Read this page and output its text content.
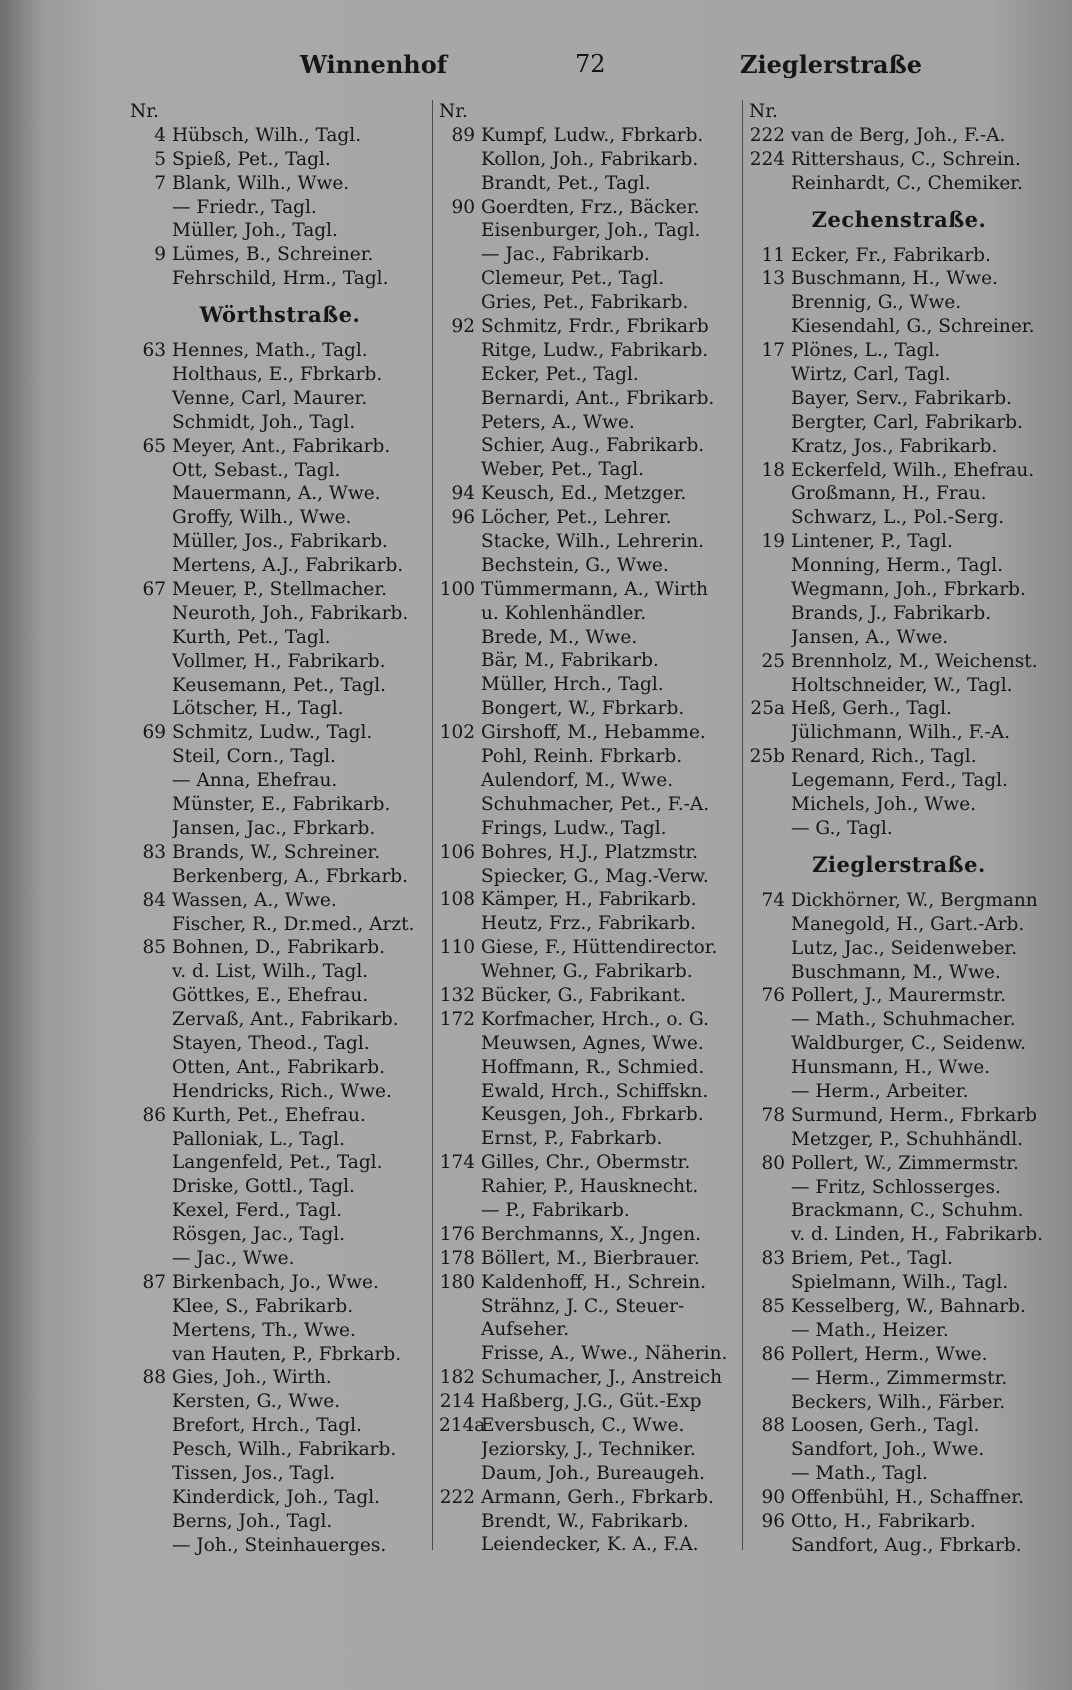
Winnenhof	72	Zieglerstraße
Nr.
4 Hübsch, Wilh., Tagl.
5 Spieß, Pet., Tagl.
7 Blank, Wilh., Wwe.
— Friedr., Tagl.
Müller, Joh., Tagl.
9 Lümes, B., Schreiner.
Fehrschild, Hrm., Tagl.
Wörthstraße.
63 Hennes, Math., Tagl.
Holthaus, E., Fbrkarb.
Venne, Carl, Maurer.
Schmidt, Joh., Tagl.
65 Meyer, Ant., Fabrikarb.
Ott, Sebast., Tagl.
Mauermann, A., Wwe.
Groffy, Wilh., Wwe.
Müller, Jos., Fabrikarb.
Mertens, A.J., Fabrikarb.
67 Meuer, P., Stellmacher.
Neuroth, Joh., Fabrikarb.
Kurth, Pet., Tagl.
Vollmer, H., Fabrikarb.
Keusemann, Pet., Tagl.
Lötscher, H., Tagl.
69 Schmitz, Ludw., Tagl.
Steil, Corn., Tagl.
— Anna, Ehefrau.
Münster, E., Fabrikarb.
Jansen, Jac., Fbrkarb.
83 Brands, W., Schreiner.
Berkenberg, A., Fbrkarb.
84 Wassen, A., Wwe.
Fischer, R., Dr.med., Arzt.
85 Bohnen, D., Fabrikarb.
v. d. List, Wilh., Tagl.
Göttkes, E., Ehefrau.
Zervaß, Ant., Fabrikarb.
Stayen, Theod., Tagl.
Otten, Ant., Fabrikarb.
Hendricks, Rich., Wwe.
86 Kurth, Pet., Ehefrau.
Palloniak, L., Tagl.
Langenfeld, Pet., Tagl.
Driske, Gottl., Tagl.
Kexel, Ferd., Tagl.
Rösgen, Jac., Tagl.
— Jac., Wwe.
87 Birkenbach, Jo., Wwe.
Klee, S., Fabrikarb.
Mertens, Th., Wwe.
van Hauten, P., Fbrkarb.
88 Gies, Joh., Wirth.
Kersten, G., Wwe.
Brefort, Hrch., Tagl.
Pesch, Wilh., Fabrikarb.
Tissen, Jos., Tagl.
Kinderdick, Joh., Tagl.
Berns, Joh., Tagl.
— Joh., Steinhauerges.
Nr.
89 Kumpf, Ludw., Fbrkarb.
Kollon, Joh., Fabrikarb.
Brandt, Pet., Tagl.
90 Goerdten, Frz., Bäcker.
Eisenburger, Joh., Tagl.
— Jac., Fabrikarb.
Clemeur, Pet., Tagl.
Gries, Pet., Fabrikarb.
92 Schmitz, Frdr., Fbrikarb
Ritge, Ludw., Fabrikarb.
Ecker, Pet., Tagl.
Bernardi, Ant., Fbrikarb.
Peters, A., Wwe.
Schier, Aug., Fabrikarb.
Weber, Pet., Tagl.
94 Keusch, Ed., Metzger.
96 Löcher, Pet., Lehrer.
Stacke, Wilh., Lehrerin.
Bechstein, G., Wwe.
100 Tümmermann, A., Wirth
u. Kohlenhändler.
Brede, M., Wwe.
Bär, M., Fabrikarb.
Müller, Hrch., Tagl.
Bongert, W., Fbrkarb.
102 Girshoff, M., Hebamme.
Pohl, Reinh. Fbrkarb.
Aulendorf, M., Wwe.
Schuhmacher, Pet., F.-A.
Frings, Ludw., Tagl.
106 Bohres, H.J., Platzmstr.
Spiecker, G., Mag.-Verw.
108 Kämper, H., Fabrikarb.
Heutz, Frz., Fabrikarb.
110 Giese, F., Hüttendirector.
Wehner, G., Fabrikarb.
132 Bücker, G., Fabrikant.
172 Korfmacher, Hrch., o. G.
Meuwsen, Agnes, Wwe.
Hoffmann, R., Schmied.
Ewald, Hrch., Schiffskn.
Keusgen, Joh., Fbrkarb.
Ernst, P., Fabrkarb.
174 Gilles, Chr., Obermstr.
Rahier, P., Hausknecht.
— P., Fabrikarb.
176 Berchmanns, X., Jngen.
178 Böllert, M., Bierbrauer.
180 Kaldenhoff, H., Schrein.
Strähnz, J. C., Steuer-
Aufseher.
Frisse, A., Wwe., Näherin.
182 Schumacher, J., Anstreich
214 Haßberg, J.G., Güt.-Exp
214a
Eversbusch, C., Wwe.
Jeziorsky, J., Techniker.
Daum, Joh., Bureaugeh.
222 Armann, Gerh., Fbrkarb.
Brendt, W., Fabrikarb.
Leiendecker, K. A., F.A.
Nr.
222 van de Berg, Joh., F.-A.
224 Rittershaus, C., Schrein.
Reinhardt, C., Chemiker.
Zechenstraße.
11 Ecker, Fr., Fabrikarb.
13 Buschmann, H., Wwe.
Brennig, G., Wwe.
Kiesendahl, G., Schreiner.
17 Plönes, L., Tagl.
Wirtz, Carl, Tagl.
Bayer, Serv., Fabrikarb.
Bergter, Carl, Fabrikarb.
Kratz, Jos., Fabrikarb.
18 Eckerfeld, Wilh., Ehefrau.
Großmann, H., Frau.
Schwarz, L., Pol.-Serg.
19 Lintener, P., Tagl.
Monning, Herm., Tagl.
Wegmann, Joh., Fbrkarb.
Brands, J., Fabrikarb.
Jansen, A., Wwe.
25 Brennholz, M., Weichenst.
Holtschneider, W., Tagl.
25a Heß, Gerh., Tagl.
Jülichmann, Wilh., F.-A.
25b Renard, Rich., Tagl.
Legemann, Ferd., Tagl.
Michels, Joh., Wwe.
— G., Tagl.
Zieglerstraße.
74 Dickhörner, W., Bergmann
Manegold, H., Gart.-Arb.
Lutz, Jac., Seidenweber.
Buschmann, M., Wwe.
76 Pollert, J., Maurermstr.
— Math., Schuhmacher.
Waldburger, C., Seidenw.
Hunsmann, H., Wwe.
— Herm., Arbeiter.
78 Surmund, Herm., Fbrkarb
Metzger, P., Schuhhändl.
80 Pollert, W., Zimmermstr.
— Fritz, Schlosserges.
Brackmann, C., Schuhm.
v. d. Linden, H., Fabrikarb.
83 Briem, Pet., Tagl.
Spielmann, Wilh., Tagl.
85 Kesselberg, W., Bahnarb.
— Math., Heizer.
86 Pollert, Herm., Wwe.
— Herm., Zimmermstr.
Beckers, Wilh., Färber.
88 Loosen, Gerh., Tagl.
Sandfort, Joh., Wwe.
— Math., Tagl.
90 Offenbühl, H., Schaffner.
96 Otto, H., Fabrikarb.
Sandfort, Aug., Fbrkarb.
